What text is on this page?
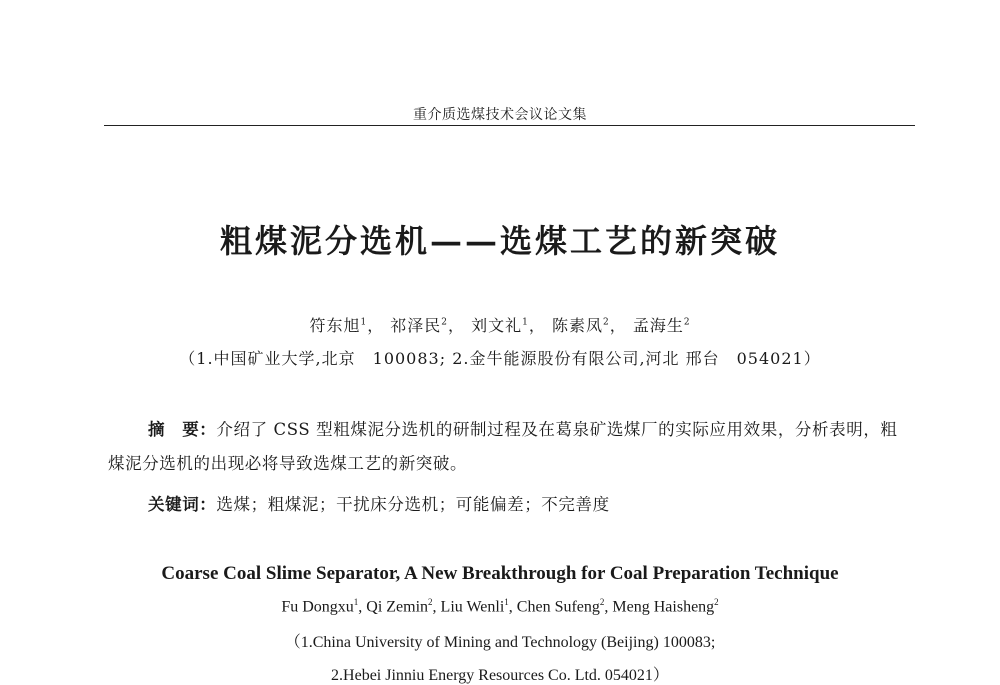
重介质选煤技术会议论文集
粗煤泥分选机——选煤工艺的新突破
符东旭$^1$， 祁泽民$^2$， 刘文礼$^1$， 陈素凤$^2$， 孟海生$^2$
（1.中国矿业大学,北京　100083; 2.金牛能源股份有限公司,河北 邢台　054021）
摘　要：介绍了 CSS 型粗煤泥分选机的研制过程及在葛泉矿选煤厂的实际应用效果，分析表明，粗煤泥分选机的出现必将导致选煤工艺的新突破。
关键词：选煤；粗煤泥；干扰床分选机；可能偏差；不完善度
Coarse Coal Slime Separator, A New Breakthrough for Coal Preparation Technique
Fu Dongxu$^1$, Qi Zemin$^2$, Liu Wenli$^1$, Chen Sufeng$^2$, Meng Haisheng$^2$
（1.China University of Mining and Technology (Beijing) 100083;
2.Hebei Jinniu Energy Resources Co. Ltd. 054021）
